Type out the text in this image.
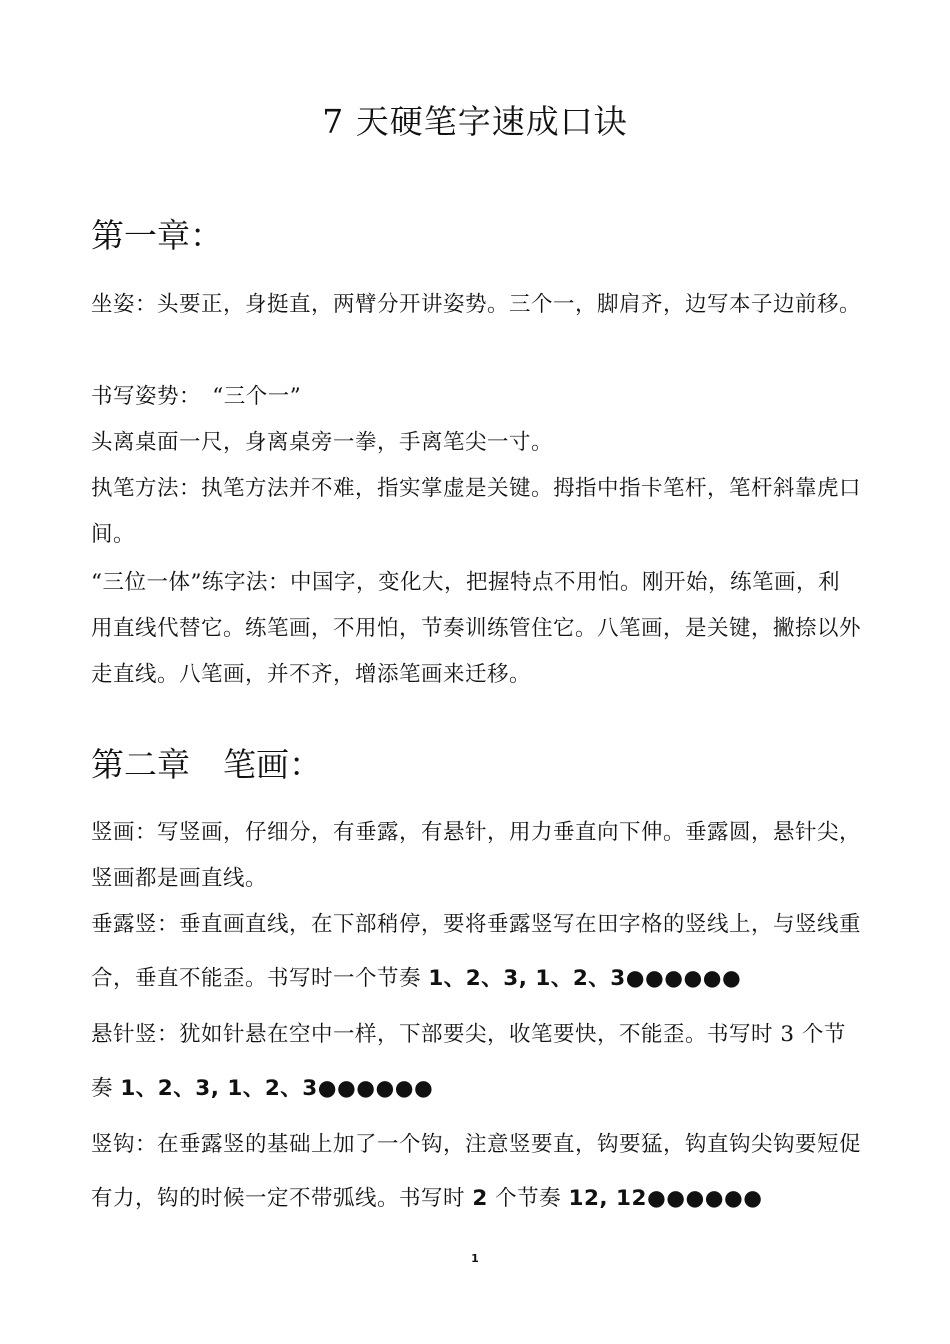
7 天硬笔字速成口诀
第一章：
坐姿：头要正，身挺直，两臂分开讲姿势。三个一，脚肩齐，边写本子边前移。
书写姿势：　“三个一”
头离桌面一尺，身离桌旁一拳，手离笔尖一寸。
执笔方法：执笔方法并不难，指实掌虚是关键。拇指中指卡笔杆，笔杆斜靠虎口间。
“三位一体”练字法：中国字，变化大，把握特点不用怕。刚开始，练笔画，利用直线代替它。练笔画，不用怕，节奏训练管住它。八笔画，是关键，撇捺以外走直线。八笔画，并不齐，增添笔画来迁移。
第二章　笔画：
竖画：写竖画，仔细分，有垂露，有悬针，用力垂直向下伸。垂露圆，悬针尖，竖画都是画直线。
垂露竖：垂直画直线，在下部稍停，要将垂露竖写在田字格的竖线上，与竖线重合，垂直不能歪。书写时一个节奏 1、2、3, 1、2、3●●●●●●
悬针竖：犹如针悬在空中一样，下部要尖，收笔要快，不能歪。书写时 3 个节奏 1、2、3, 1、2、3●●●●●●
竖钩：在垂露竖的基础上加了一个钩，注意竖要直，钩要猛，钩直钩尖钩要短促有力，钩的时候一定不带弧线。书写时 2 个节奏 12, 12●●●●●●
1
